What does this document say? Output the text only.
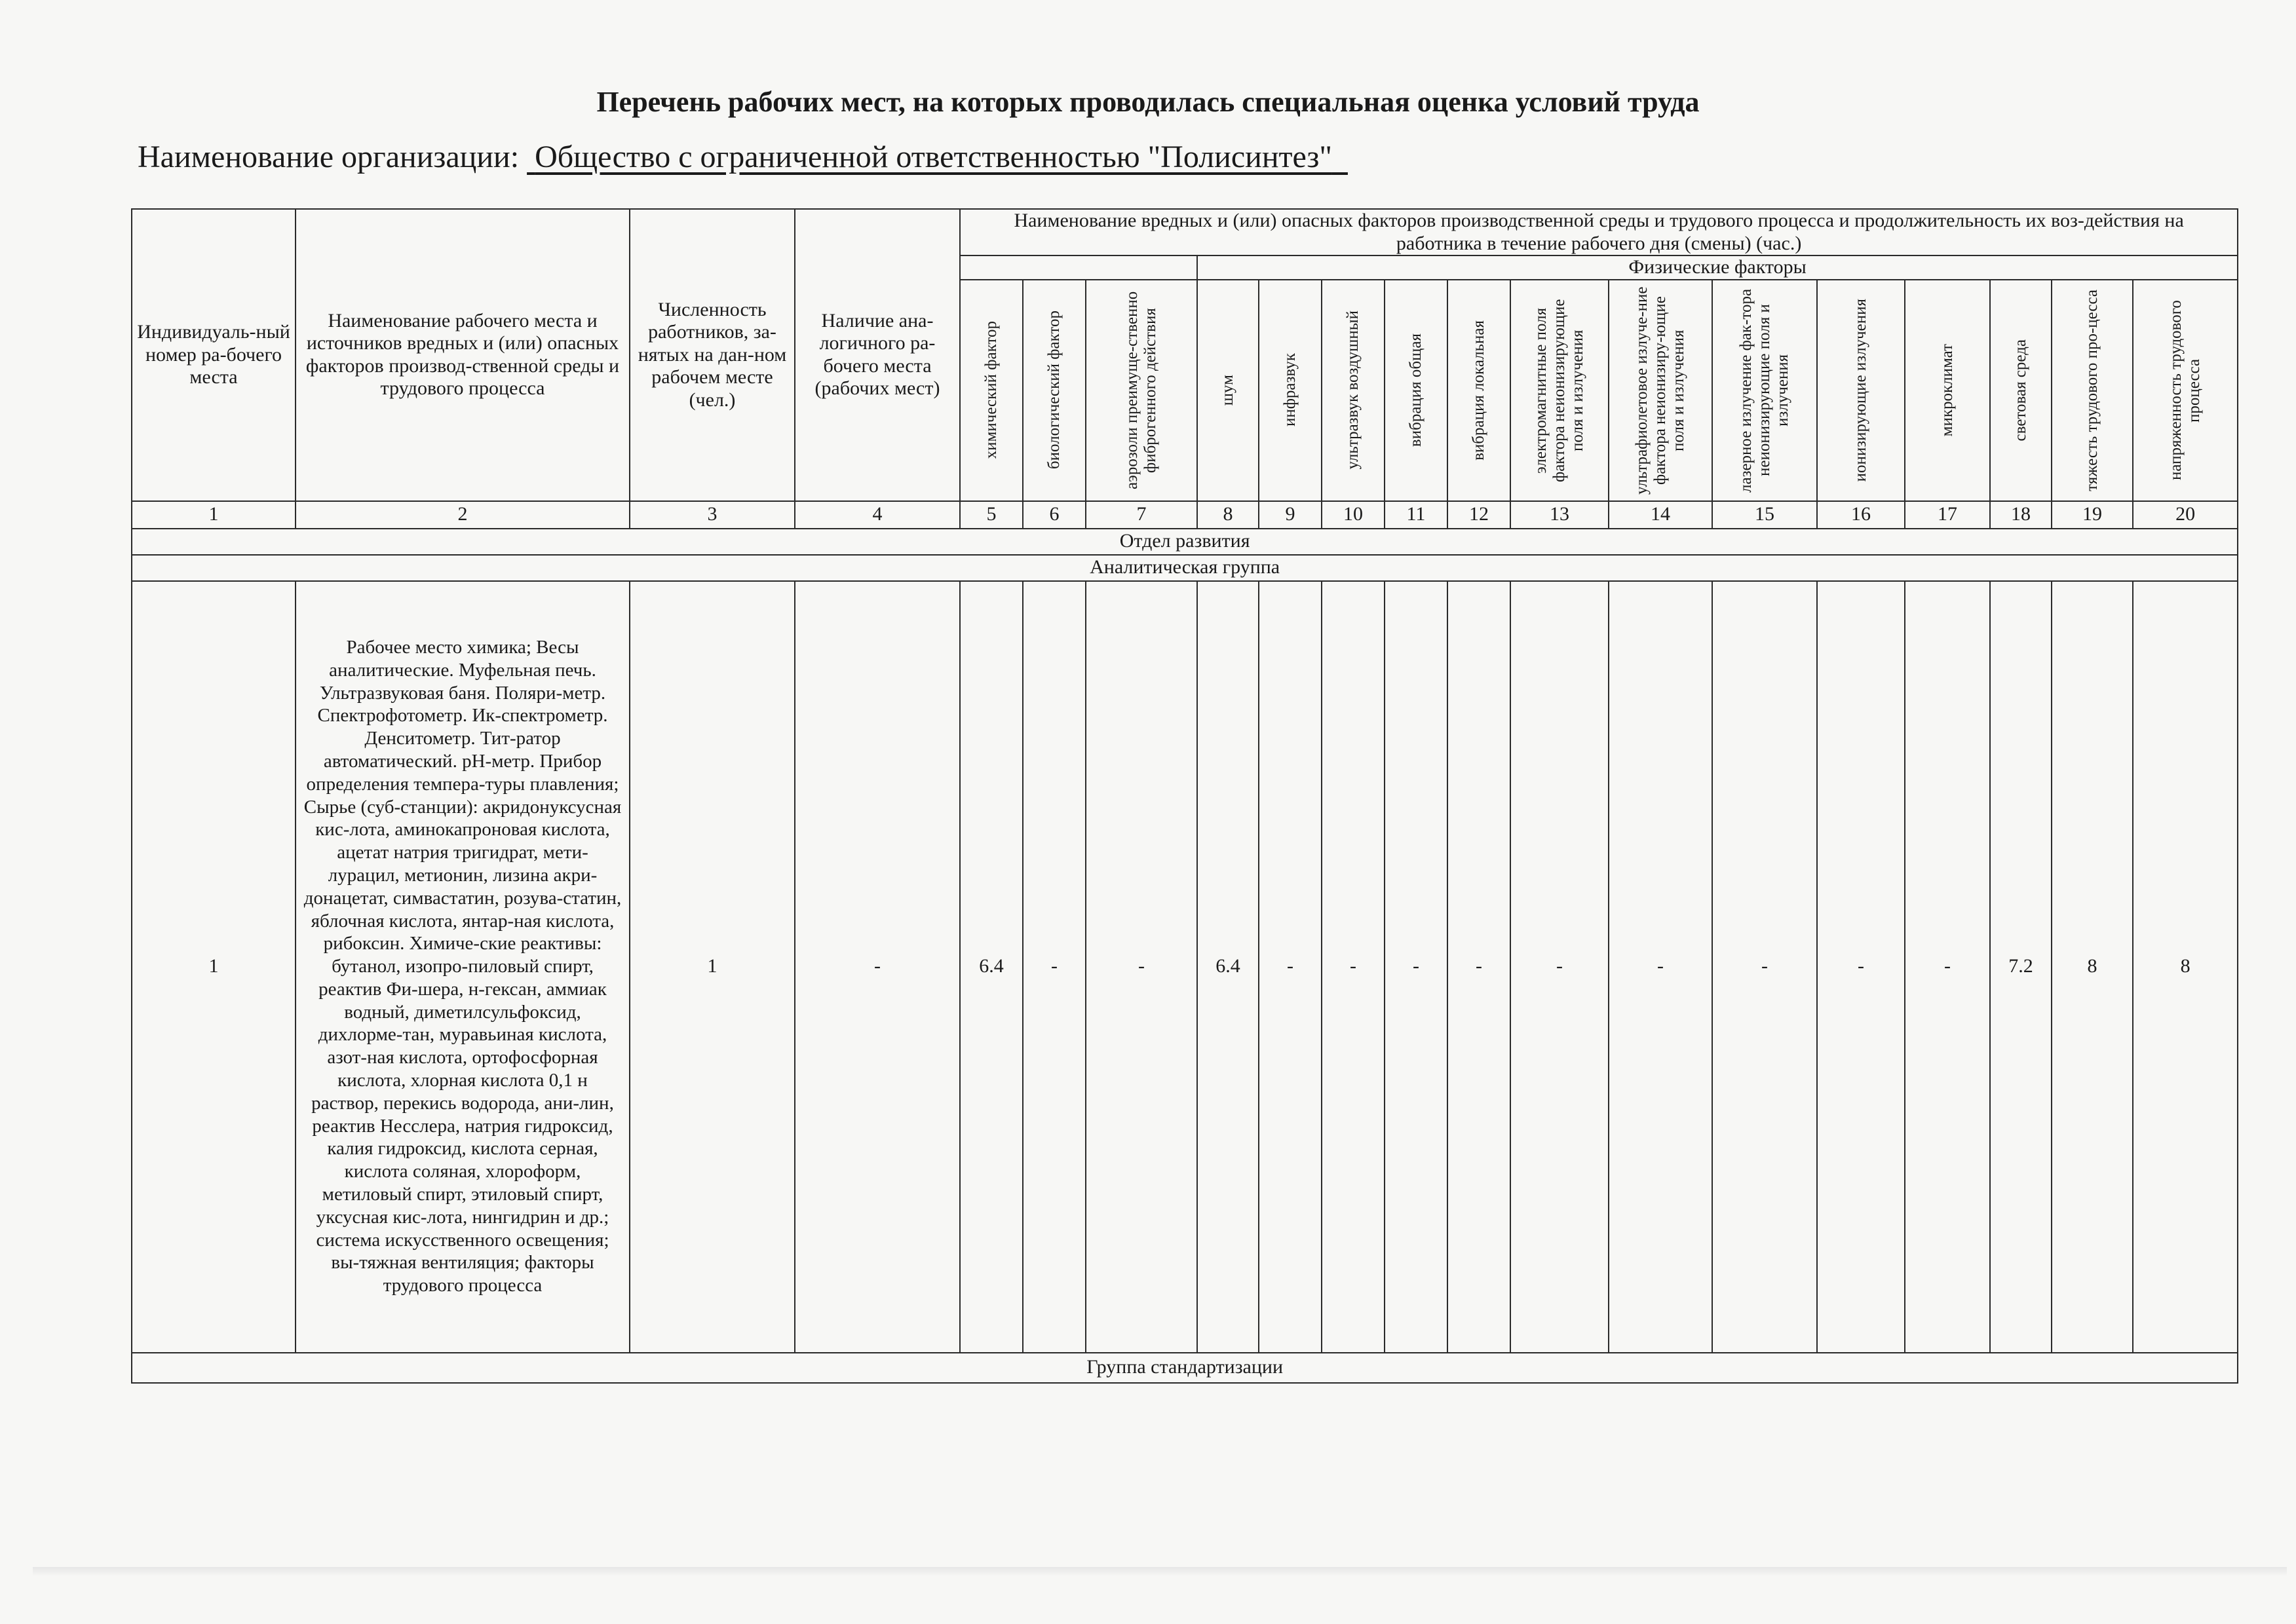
Перечень рабочих мест, на которых проводилась специальная оценка условий труда
Наименование организации: Общество с ограниченной ответственностью "Полисинтез"
Индивидуаль-ный номер ра-бочего места	Наименование рабочего места и источников вредных и (или) опасных факторов производ-ственной среды и трудового процесса	Численность работников, за-нятых на дан-ном рабочем месте (чел.)	Наличие ана-логичного ра-бочего места (рабочих мест)	Наименование вредных и (или) опасных факторов производственной среды и трудового процесса и продолжительность их воз-действия на работника в течение рабочего дня (смены) (час.)															
							Физические факторы												

				химический фактор	биологический фактор	аэрозоли преимуще-ственно фиброгенного действия	шум	инфразвук	ультразвук воздушный	вибрация общая	вибрация локальная	электромагнитные поля фактора неионизирующие поля и излучения	ультрафиолетовое излуче-ние фактора неионизиру-ющие поля и излучения	лазерное излучение фак-тора неионизирующие поля и излучения	ионизирующие излучения	микроклимат	световая среда	тяжесть трудового про-цесса	напряженность трудового процесса

1	2	3	4	5	6	7	8	9	10	11	12	13	14	15	16	17	18	19	20
Отдел развития																			
Аналитическая группа																			
1	Рабочее место химика; Весы аналитические. Муфельная печь. Ультразвуковая баня. Поляри-метр. Спектрофотометр. Ик-спектрометр. Денситометр. Тит-ратор автоматический. pH-метр. Прибор определения темпера-туры плавления; Сырье (суб-станции): акридонуксусная кис-лота, аминокапроновая кислота, ацетат натрия тригидрат, мети-лурацил, метионин, лизина акри-донацетат, симвастатин, розува-статин, яблочная кислота, янтар-ная кислота, рибоксин. Химиче-ские реактивы: бутанол, изопро-пиловый спирт, реактив Фи-шера, н-гексан, аммиак водный, диметилсульфоксид, дихлорме-тан, муравьиная кислота, азот-ная кислота, ортофосфорная кислота, хлорная кислота 0,1 н раствор, перекись водорода, ани-лин, реактив Несслера, натрия гидроксид, калия гидроксид, кислота серная, кислота соляная, хлороформ, метиловый спирт, этиловый спирт, уксусная кис-лота, нингидрин и др.; система искусственного освещения; вы-тяжная вентиляция; факторы трудового процесса	1	-	6.4	-	-	6.4	-	-	-	-	-	-	-	-	-	7.2	8	8
Группа стандартизации																			
